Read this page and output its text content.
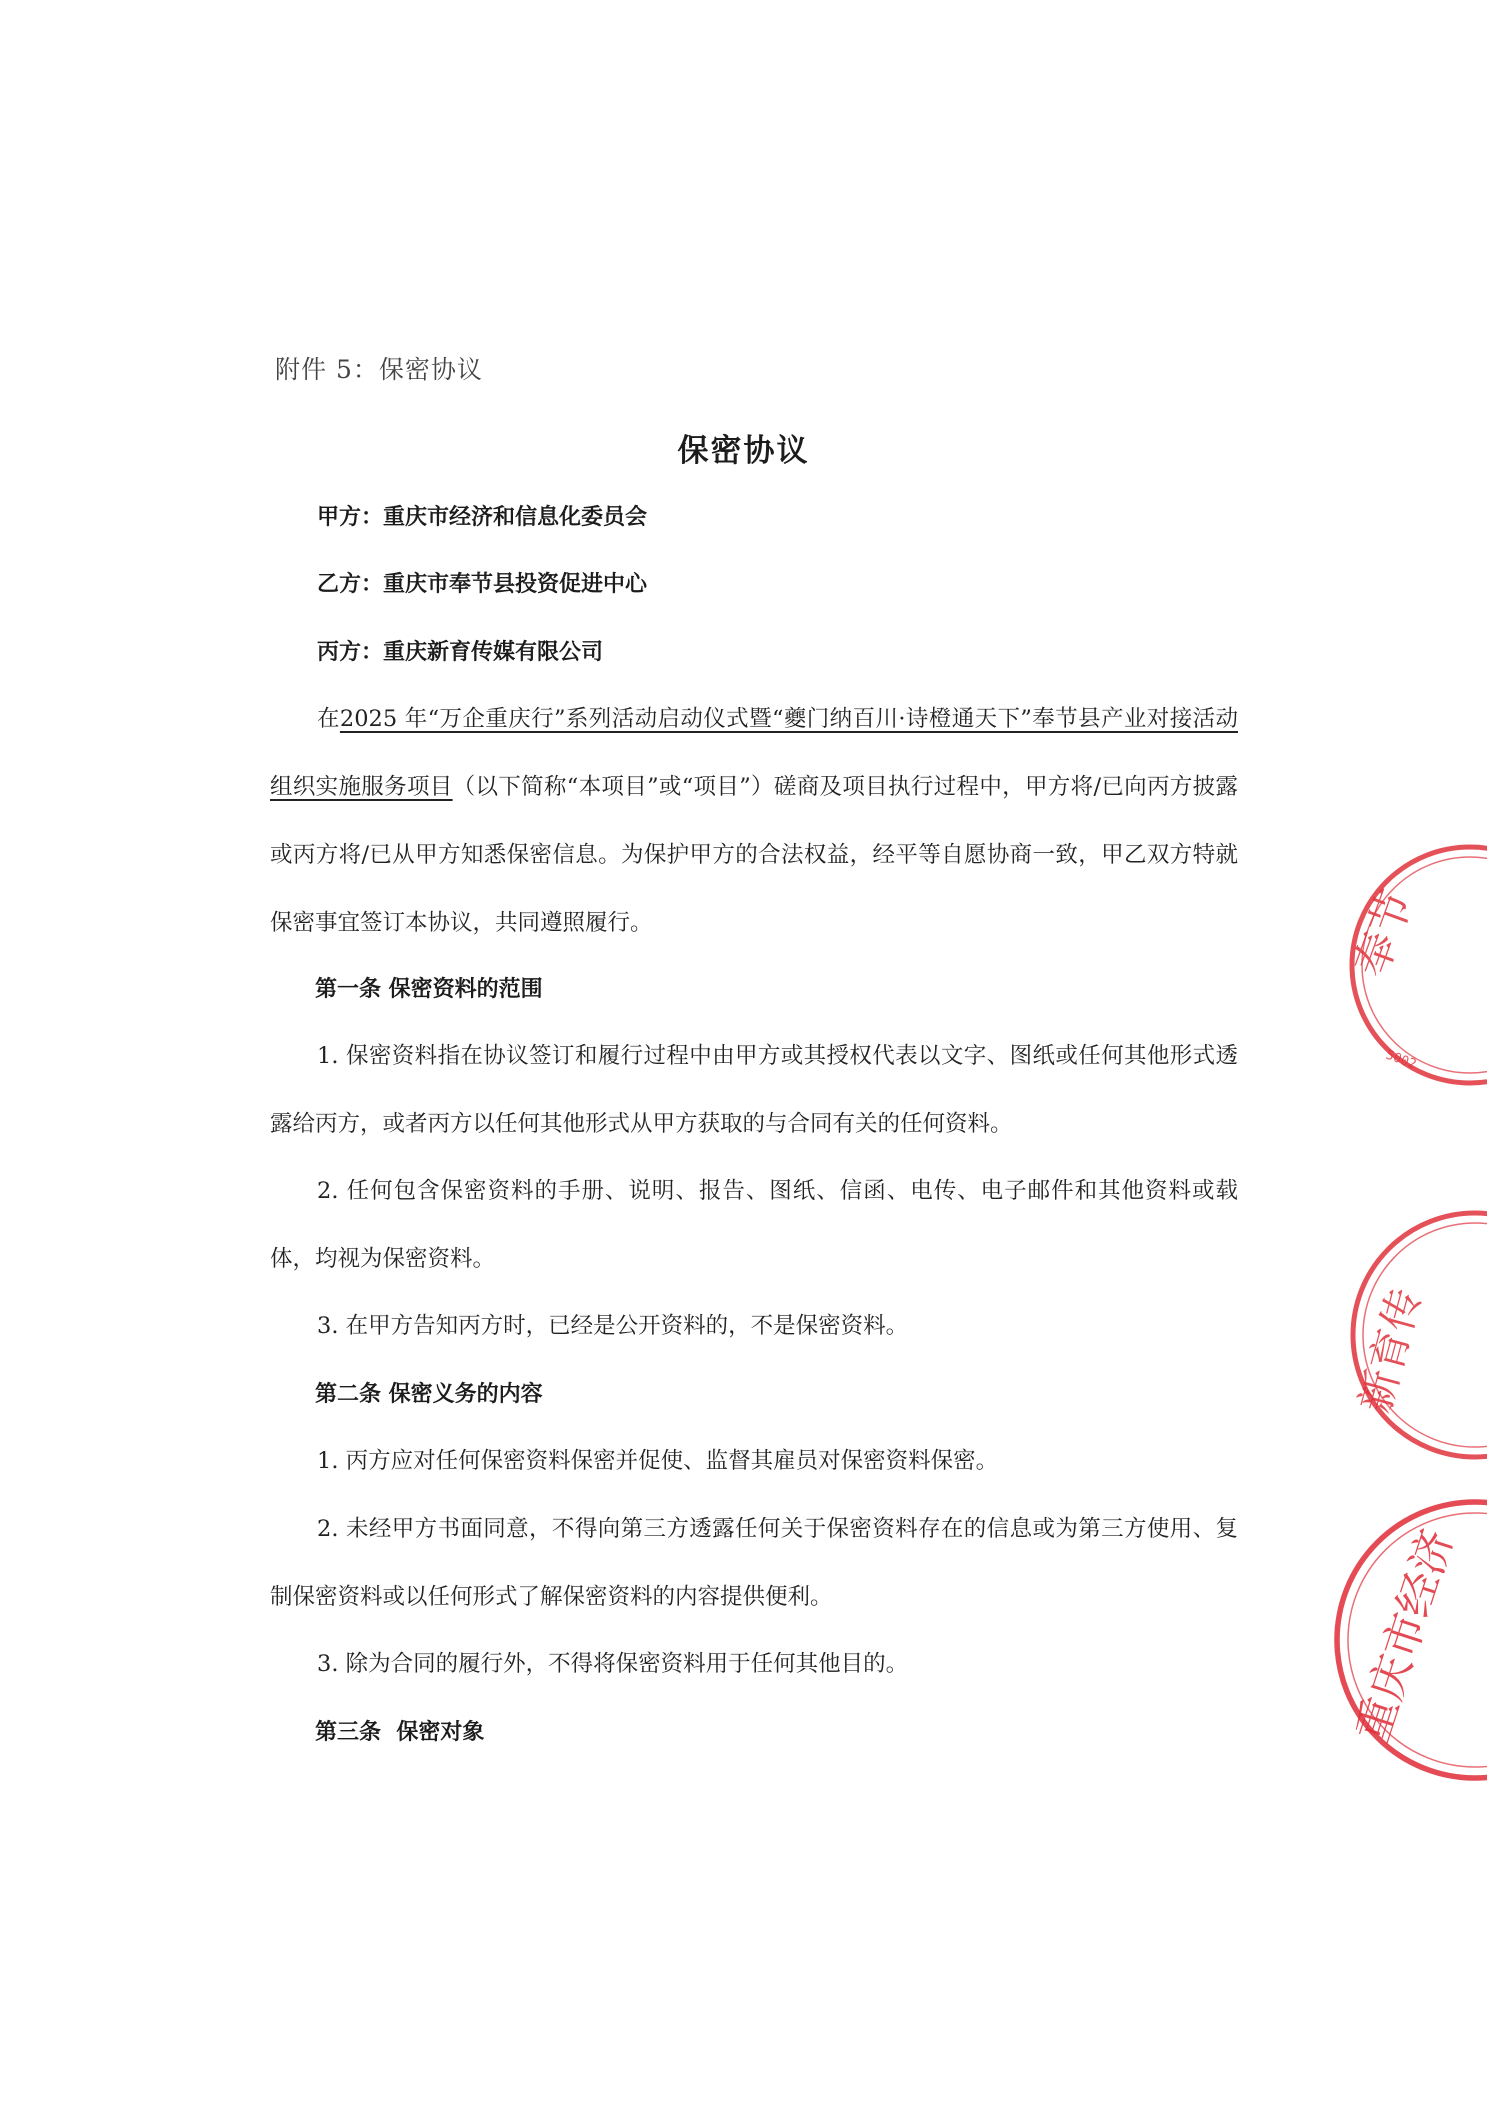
附件 5：保密协议
保密协议
甲方：重庆市经济和信息化委员会
乙方：重庆市奉节县投资促进中心
丙方：重庆新育传媒有限公司
在2025 年“万企重庆行”系列活动启动仪式暨“夔门纳百川·诗橙通天下”奉节县产业对接活动组织实施服务项目（以下简称“本项目”或“项目”）磋商及项目执行过程中，甲方将/已向丙方披露或丙方将/已从甲方知悉保密信息。为保护甲方的合法权益，经平等自愿协商一致，甲乙双方特就保密事宜签订本协议，共同遵照履行。
第一条 保密资料的范围
1. 保密资料指在协议签订和履行过程中由甲方或其授权代表以文字、图纸或任何其他形式透露给丙方，或者丙方以任何其他形式从甲方获取的与合同有关的任何资料。
2. 任何包含保密资料的手册、说明、报告、图纸、信函、电传、电子邮件和其他资料或载体，均视为保密资料。
3. 在甲方告知丙方时，已经是公开资料的，不是保密资料。
第二条 保密义务的内容
1. 丙方应对任何保密资料保密并促使、监督其雇员对保密资料保密。
2. 未经甲方书面同意，不得向第三方透露任何关于保密资料存在的信息或为第三方使用、复制保密资料或以任何形式了解保密资料的内容提供便利。
3. 除为合同的履行外，不得将保密资料用于任何其他目的。
第三条  保密对象
奉节
5002
新育传
重庆市经济
